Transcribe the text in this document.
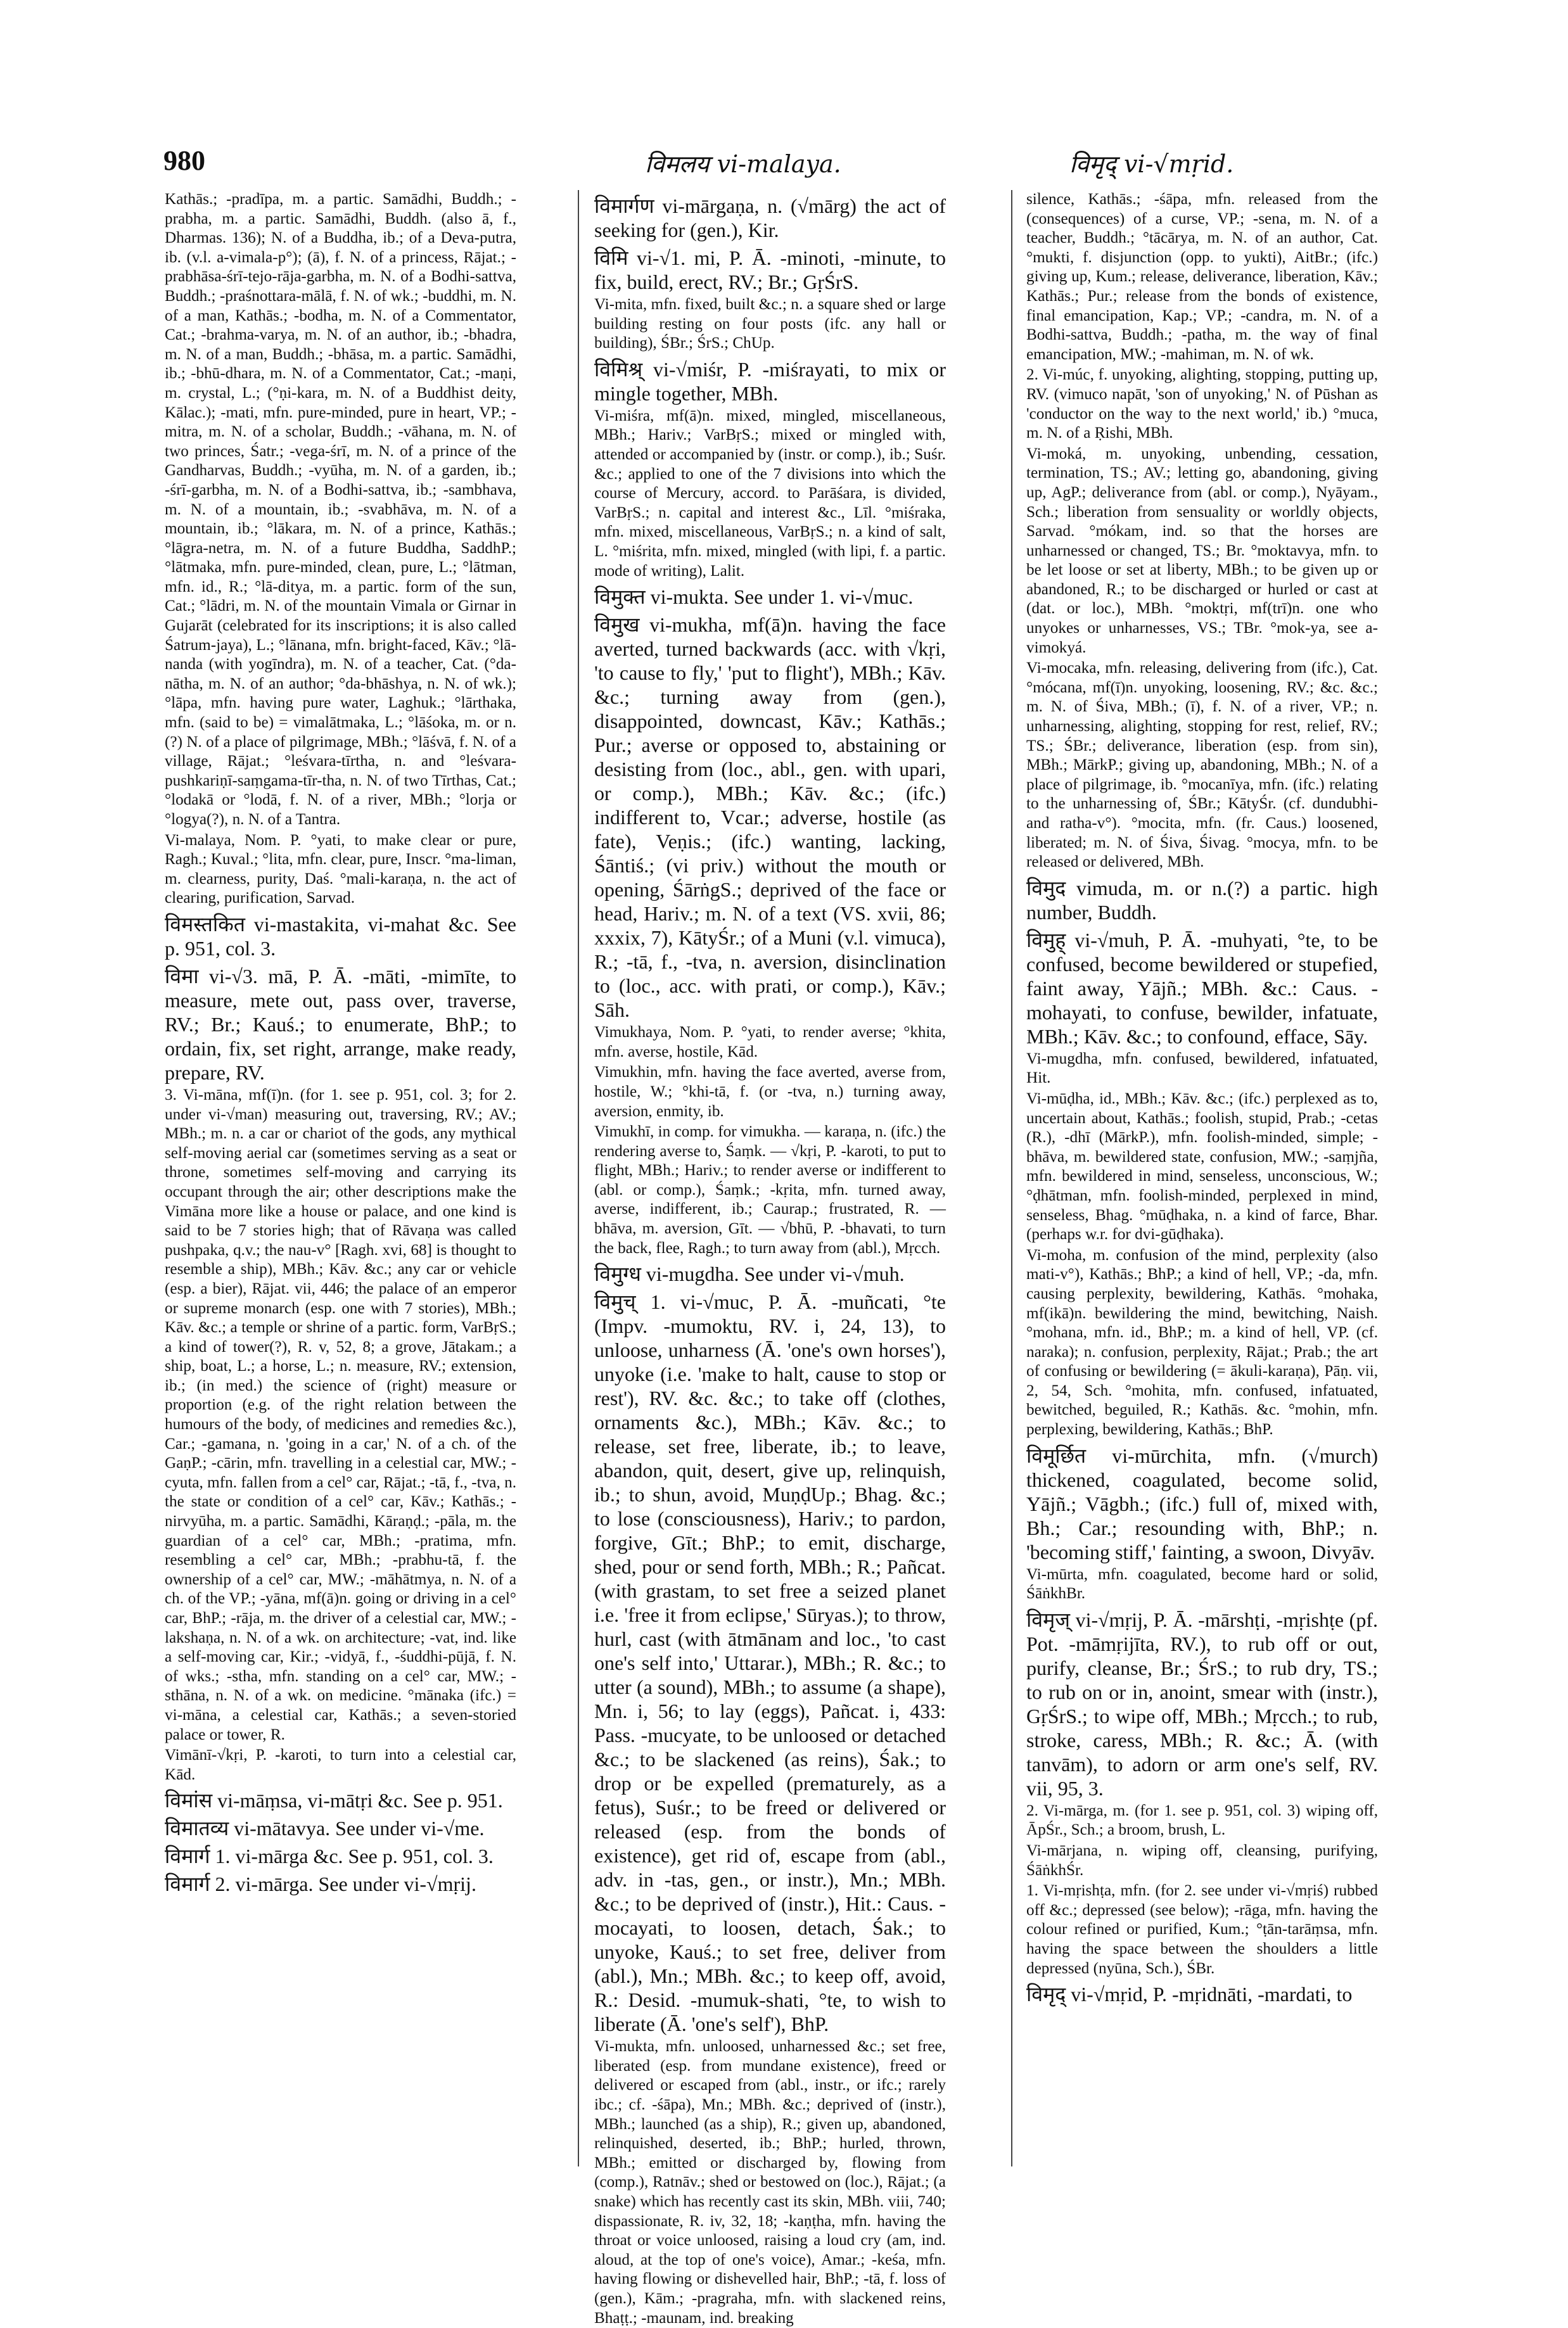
980	विमलय vi-malaya.	विमृद् vi-√mṛid.

Kathās.; -pradīpa, m. a partic. Samādhi, Buddh.; -prabha, m. a partic. Samādhi, Buddh. (also ā, f., Dharmas. 136); N. of a Buddha, ib.; of a Deva-putra, ib. (v.l. a-vimala-p°); (ā), f. N. of a princess, Rājat.; -prabhāsa-śrī-tejo-rāja-garbha, m. N. of a Bodhi-sattva, Buddh.; -praśnottara-mālā, f. N. of wk.; -buddhi, m. N. of a man, Kathās.; -bodha, m. N. of a Commentator, Cat.; -brahma-varya, m. N. of an author, ib.; -bhadra, m. N. of a man, Buddh.; -bhāsa, m. a partic. Samādhi, ib.; -bhū-dhara, m. N. of a Commentator, Cat.; -maṇi, m. crystal, L.; (°ṇi-kara, m. N. of a Buddhist deity, Kālac.); -mati, mfn. pure-minded, pure in heart, VP.; -mitra, m. N. of a scholar, Buddh.; -vāhana, m. N. of two princes, Śatr.; -vega-śrī, m. N. of a prince of the Gandharvas, Buddh.; -vyūha, m. N. of a garden, ib.; -śrī-garbha, m. N. of a Bodhi-sattva, ib.; -sambhava, m. N. of a mountain, ib.; -svabhāva, m. N. of a mountain, ib.; °lākara, m. N. of a prince, Kathās.; °lāgra-netra, m. N. of a future Buddha, SaddhP.; °lātmaka, mfn. pure-minded, clean, pure, L.; °lātman, mfn. id., R.; °lā-ditya, m. a partic. form of the sun, Cat.; °lādri, m. N. of the mountain Vimala or Girnar in Gujarāt (celebrated for its inscriptions; it is also called Śatrum-jaya), L.; °lānana, mfn. bright-faced, Kāv.; °lā-nanda (with yogīndra), m. N. of a teacher, Cat. (°da-nātha, m. N. of an author; °da-bhāshya, n. N. of wk.); °lāpa, mfn. having pure water, Laghuk.; °lārthaka, mfn. (said to be) = vimalātmaka, L.; °lāśoka, m. or n.(?) N. of a place of pilgrimage, MBh.; °lāśvā, f. N. of a village, Rājat.; °leśvara-tīrtha, n. and °leśvara-pushkariṇī-saṃgama-tīr-tha, n. N. of two Tīrthas, Cat.; °lodakā or °lodā, f. N. of a river, MBh.; °lorja or °logya(?), n. N. of a Tantra.

Vi-malaya, Nom. P. °yati, to make clear or pure, Ragh.; Kuval.; °lita, mfn. clear, pure, Inscr. °ma-liman, m. clearness, purity, Daś. °mali-karaṇa, n. the act of clearing, purification, Sarvad.

विमस्तकित vi-mastakita, vi-mahat &c. See p. 951, col. 3.

विमा vi-√3. mā, P. Ā. -māti, -mimīte, to measure, mete out, pass over, traverse, RV.; Br.; Kauś.; to enumerate, BhP.; to ordain, fix, set right, arrange, make ready, prepare, RV.

3. Vi-māna, mf(ī)n. (for 1. see p. 951, col. 3; for 2. under vi-√man) measuring out, traversing, RV.; AV.; MBh.; m. n. a car or chariot of the gods, any mythical self-moving aerial car (sometimes serving as a seat or throne, sometimes self-moving and carrying its occupant through the air; other descriptions make the Vimāna more like a house or palace, and one kind is said to be 7 stories high; that of Rāvaṇa was called pushpaka, q.v.; the nau-v° [Ragh. xvi, 68] is thought to resemble a ship), MBh.; Kāv. &c.; any car or vehicle (esp. a bier), Rājat. vii, 446; the palace of an emperor or supreme monarch (esp. one with 7 stories), MBh.; Kāv. &c.; a temple or shrine of a partic. form, VarBṛS.; a kind of tower(?), R. v, 52, 8; a grove, Jātakam.; a ship, boat, L.; a horse, L.; n. measure, RV.; extension, ib.; (in med.) the science of (right) measure or proportion (e.g. of the right relation between the humours of the body, of medicines and remedies &c.), Car.; -gamana, n. 'going in a car,' N. of a ch. of the GaṇP.; -cārin, mfn. travelling in a celestial car, MW.; -cyuta, mfn. fallen from a cel° car, Rājat.; -tā, f., -tva, n. the state or condition of a cel° car, Kāv.; Kathās.; -nirvyūha, m. a partic. Samādhi, Kāraṇḍ.; -pāla, m. the guardian of a cel° car, MBh.; -pratima, mfn. resembling a cel° car, MBh.; -prabhu-tā, f. the ownership of a cel° car, MW.; -māhātmya, n. N. of a ch. of the VP.; -yāna, mf(ā)n. going or driving in a cel° car, BhP.; -rāja, m. the driver of a celestial car, MW.; -lakshaṇa, n. N. of a wk. on architecture; -vat, ind. like a self-moving car, Kir.; -vidyā, f., -śuddhi-pūjā, f. N. of wks.; -stha, mfn. standing on a cel° car, MW.; -sthāna, n. N. of a wk. on medicine. °mānaka (ifc.) = vi-māna, a celestial car, Kathās.; a seven-storied palace or tower, R.

Vimānī-√kṛi, P. -karoti, to turn into a celestial car, Kād.

विमांस vi-māṃsa, vi-mātṛi &c. See p. 951.

विमातव्य vi-mātavya. See under vi-√me.

विमार्ग 1. vi-mārga &c. See p. 951, col. 3.

विमार्ग 2. vi-mārga. See under vi-√mṛij.

विमार्गण vi-mārgaṇa, n. (√mārg) the act of seeking for (gen.), Kir.

विमि vi-√1. mi, P. Ā. -minoti, -minute, to fix, build, erect, RV.; Br.; GṛŚrS.

Vi-mita, mfn. fixed, built &c.; n. a square shed or large building resting on four posts (ifc. any hall or building), ŚBr.; ŚrS.; ChUp.

विमिश्र् vi-√miśr, P. -miśrayati, to mix or mingle together, MBh.

Vi-miśra, mf(ā)n. mixed, mingled, miscellaneous, MBh.; Hariv.; VarBṛS.; mixed or mingled with, attended or accompanied by (instr. or comp.), ib.; Suśr. &c.; applied to one of the 7 divisions into which the course of Mercury, accord. to Parāśara, is divided, VarBṛS.; n. capital and interest &c., Līl. °miśraka, mfn. mixed, miscellaneous, VarBṛS.; n. a kind of salt, L. °miśrita, mfn. mixed, mingled (with lipi, f. a partic. mode of writing), Lalit.

विमुक्त vi-mukta. See under 1. vi-√muc.

विमुख vi-mukha, mf(ā)n. having the face averted, turned backwards (acc. with √kṛi, 'to cause to fly,' 'put to flight'), MBh.; Kāv. &c.; turning away from (gen.), disappointed, downcast, Kāv.; Kathās.; Pur.; averse or opposed to, abstaining or desisting from (loc., abl., gen. with upari, or comp.), MBh.; Kāv. &c.; (ifc.) indifferent to, Vcar.; adverse, hostile (as fate), Veṇis.; (ifc.) wanting, lacking, Śāntiś.; (vi priv.) without the mouth or opening, ŚārṅgS.; deprived of the face or head, Hariv.; m. N. of a text (VS. xvii, 86; xxxix, 7), KātyŚr.; of a Muni (v.l. vimuca), R.; -tā, f., -tva, n. aversion, disinclination to (loc., acc. with prati, or comp.), Kāv.; Sāh.

Vimukhaya, Nom. P. °yati, to render averse; °khita, mfn. averse, hostile, Kād.

Vimukhin, mfn. having the face averted, averse from, hostile, W.; °khi-tā, f. (or -tva, n.) turning away, aversion, enmity, ib.

Vimukhī, in comp. for vimukha. — karaṇa, n. (ifc.) the rendering averse to, Śaṃk. — √kṛi, P. -karoti, to put to flight, MBh.; Hariv.; to render averse or indifferent to (abl. or comp.), Śaṃk.; -kṛita, mfn. turned away, averse, indifferent, ib.; Caurap.; frustrated, R. — bhāva, m. aversion, Gīt. — √bhū, P. -bhavati, to turn the back, flee, Ragh.; to turn away from (abl.), Mṛcch.

विमुग्ध vi-mugdha. See under vi-√muh.

विमुच् 1. vi-√muc, P. Ā. -muñcati, °te (Impv. -mumoktu, RV. i, 24, 13), to unloose, unharness (Ā. 'one's own horses'), unyoke (i.e. 'make to halt, cause to stop or rest'), RV. &c. &c.; to take off (clothes, ornaments &c.), MBh.; Kāv. &c.; to release, set free, liberate, ib.; to leave, abandon, quit, desert, give up, relinquish, ib.; to shun, avoid, MuṇḍUp.; Bhag. &c.; to lose (consciousness), Hariv.; to pardon, forgive, Gīt.; BhP.; to emit, discharge, shed, pour or send forth, MBh.; R.; Pañcat. (with grastam, to set free a seized planet i.e. 'free it from eclipse,' Sūryas.); to throw, hurl, cast (with ātmānam and loc., 'to cast one's self into,' Uttarar.), MBh.; R. &c.; to utter (a sound), MBh.; to assume (a shape), Mn. i, 56; to lay (eggs), Pañcat. i, 433: Pass. -mucyate, to be unloosed or detached &c.; to be slackened (as reins), Śak.; to drop or be expelled (prematurely, as a fetus), Suśr.; to be freed or delivered or released (esp. from the bonds of existence), get rid of, escape from (abl., adv. in -tas, gen., or instr.), Mn.; MBh. &c.; to be deprived of (instr.), Hit.: Caus. -mocayati, to loosen, detach, Śak.; to unyoke, Kauś.; to set free, deliver from (abl.), Mn.; MBh. &c.; to keep off, avoid, R.: Desid. -mumuk-shati, °te, to wish to liberate (Ā. 'one's self'), BhP.

Vi-mukta, mfn. unloosed, unharnessed &c.; set free, liberated (esp. from mundane existence), freed or delivered or escaped from (abl., instr., or ifc.; rarely ibc.; cf. -śāpa), Mn.; MBh. &c.; deprived of (instr.), MBh.; launched (as a ship), R.; given up, abandoned, relinquished, deserted, ib.; BhP.; hurled, thrown, MBh.; emitted or discharged by, flowing from (comp.), Ratnāv.; shed or bestowed on (loc.), Rājat.; (a snake) which has recently cast its skin, MBh. viii, 740; dispassionate, R. iv, 32, 18; -kaṇṭha, mfn. having the throat or voice unloosed, raising a loud cry (am, ind. aloud, at the top of one's voice), Amar.; -keśa, mfn. having flowing or dishevelled hair, BhP.; -tā, f. loss of (gen.), Kām.; -pragraha, mfn. with slackened reins, Bhaṭṭ.; -maunam, ind. breaking

silence, Kathās.; -śāpa, mfn. released from the (consequences) of a curse, VP.; -sena, m. N. of a teacher, Buddh.; °tācārya, m. N. of an author, Cat. °mukti, f. disjunction (opp. to yukti), AitBr.; (ifc.) giving up, Kum.; release, deliverance, liberation, Kāv.; Kathās.; Pur.; release from the bonds of existence, final emancipation, Kap.; VP.; -candra, m. N. of a Bodhi-sattva, Buddh.; -patha, m. the way of final emancipation, MW.; -mahiman, m. N. of wk.

2. Vi-múc, f. unyoking, alighting, stopping, putting up, RV. (vimuco napāt, 'son of unyoking,' N. of Pūshan as 'conductor on the way to the next world,' ib.) °muca, m. N. of a Ṛishi, MBh.

Vi-moká, m. unyoking, unbending, cessation, termination, TS.; AV.; letting go, abandoning, giving up, AgP.; deliverance from (abl. or comp.), Nyāyam., Sch.; liberation from sensuality or worldly objects, Sarvad. °mókam, ind. so that the horses are unharnessed or changed, TS.; Br. °moktavya, mfn. to be let loose or set at liberty, MBh.; to be given up or abandoned, R.; to be discharged or hurled or cast at (dat. or loc.), MBh. °moktṛi, mf(trī)n. one who unyokes or unharnesses, VS.; TBr. °mok-ya, see a-vimokyá.

Vi-mocaka, mfn. releasing, delivering from (ifc.), Cat. °mócana, mf(ī)n. unyoking, loosening, RV.; &c. &c.; m. N. of Śiva, MBh.; (ī), f. N. of a river, VP.; n. unharnessing, alighting, stopping for rest, relief, RV.; TS.; ŚBr.; deliverance, liberation (esp. from sin), MBh.; MārkP.; giving up, abandoning, MBh.; N. of a place of pilgrimage, ib. °mocanīya, mfn. (ifc.) relating to the unharnessing of, ŚBr.; KātyŚr. (cf. dundubhi- and ratha-v°). °mocita, mfn. (fr. Caus.) loosened, liberated; m. N. of Śiva, Śivag. °mocya, mfn. to be released or delivered, MBh.

विमुद vimuda, m. or n.(?) a partic. high number, Buddh.

विमुह् vi-√muh, P. Ā. -muhyati, °te, to be confused, become bewildered or stupefied, faint away, Yājñ.; MBh. &c.: Caus. -mohayati, to confuse, bewilder, infatuate, MBh.; Kāv. &c.; to confound, efface, Sāy.

Vi-mugdha, mfn. confused, bewildered, infatuated, Hit.

Vi-mūḍha, id., MBh.; Kāv. &c.; (ifc.) perplexed as to, uncertain about, Kathās.; foolish, stupid, Prab.; -cetas (R.), -dhī (MārkP.), mfn. foolish-minded, simple; -bhāva, m. bewildered state, confusion, MW.; -saṃjña, mfn. bewildered in mind, senseless, unconscious, W.; °ḍhātman, mfn. foolish-minded, perplexed in mind, senseless, Bhag. °mūḍhaka, n. a kind of farce, Bhar. (perhaps w.r. for dvi-gūḍhaka).

Vi-moha, m. confusion of the mind, perplexity (also mati-v°), Kathās.; BhP.; a kind of hell, VP.; -da, mfn. causing perplexity, bewildering, Kathās. °mohaka, mf(ikā)n. bewildering the mind, bewitching, Naish. °mohana, mfn. id., BhP.; m. a kind of hell, VP. (cf. naraka); n. confusion, perplexity, Rājat.; Prab.; the art of confusing or bewildering (= ākuli-karaṇa), Pāṇ. vii, 2, 54, Sch. °mohita, mfn. confused, infatuated, bewitched, beguiled, R.; Kathās. &c. °mohin, mfn. perplexing, bewildering, Kathās.; BhP.

विमूर्छित vi-mūrchita, mfn. (√murch) thickened, coagulated, become solid, Yājñ.; Vāgbh.; (ifc.) full of, mixed with, Bh.; Car.; resounding with, BhP.; n. 'becoming stiff,' fainting, a swoon, Divyāv.

Vi-mūrta, mfn. coagulated, become hard or solid, ŚāṅkhBr.

विमृज् vi-√mṛij, P. Ā. -mārshṭi, -mṛishṭe (pf. Pot. -māmṛijīta, RV.), to rub off or out, purify, cleanse, Br.; ŚrS.; to rub dry, TS.; to rub on or in, anoint, smear with (instr.), GṛŚrS.; to wipe off, MBh.; Mṛcch.; to rub, stroke, caress, MBh.; R. &c.; Ā. (with tanvām), to adorn or arm one's self, RV. vii, 95, 3.

2. Vi-mārga, m. (for 1. see p. 951, col. 3) wiping off, ĀpŚr., Sch.; a broom, brush, L.

Vi-mārjana, n. wiping off, cleansing, purifying, ŚāṅkhŚr.

1. Vi-mṛishṭa, mfn. (for 2. see under vi-√mṛiś) rubbed off &c.; depressed (see below); -rāga, mfn. having the colour refined or purified, Kum.; °ṭān-tarāṃsa, mfn. having the space between the shoulders a little depressed (nyūna, Sch.), ŚBr.

विमृद् vi-√mṛid, P. -mṛidnāti, -mardati, to
